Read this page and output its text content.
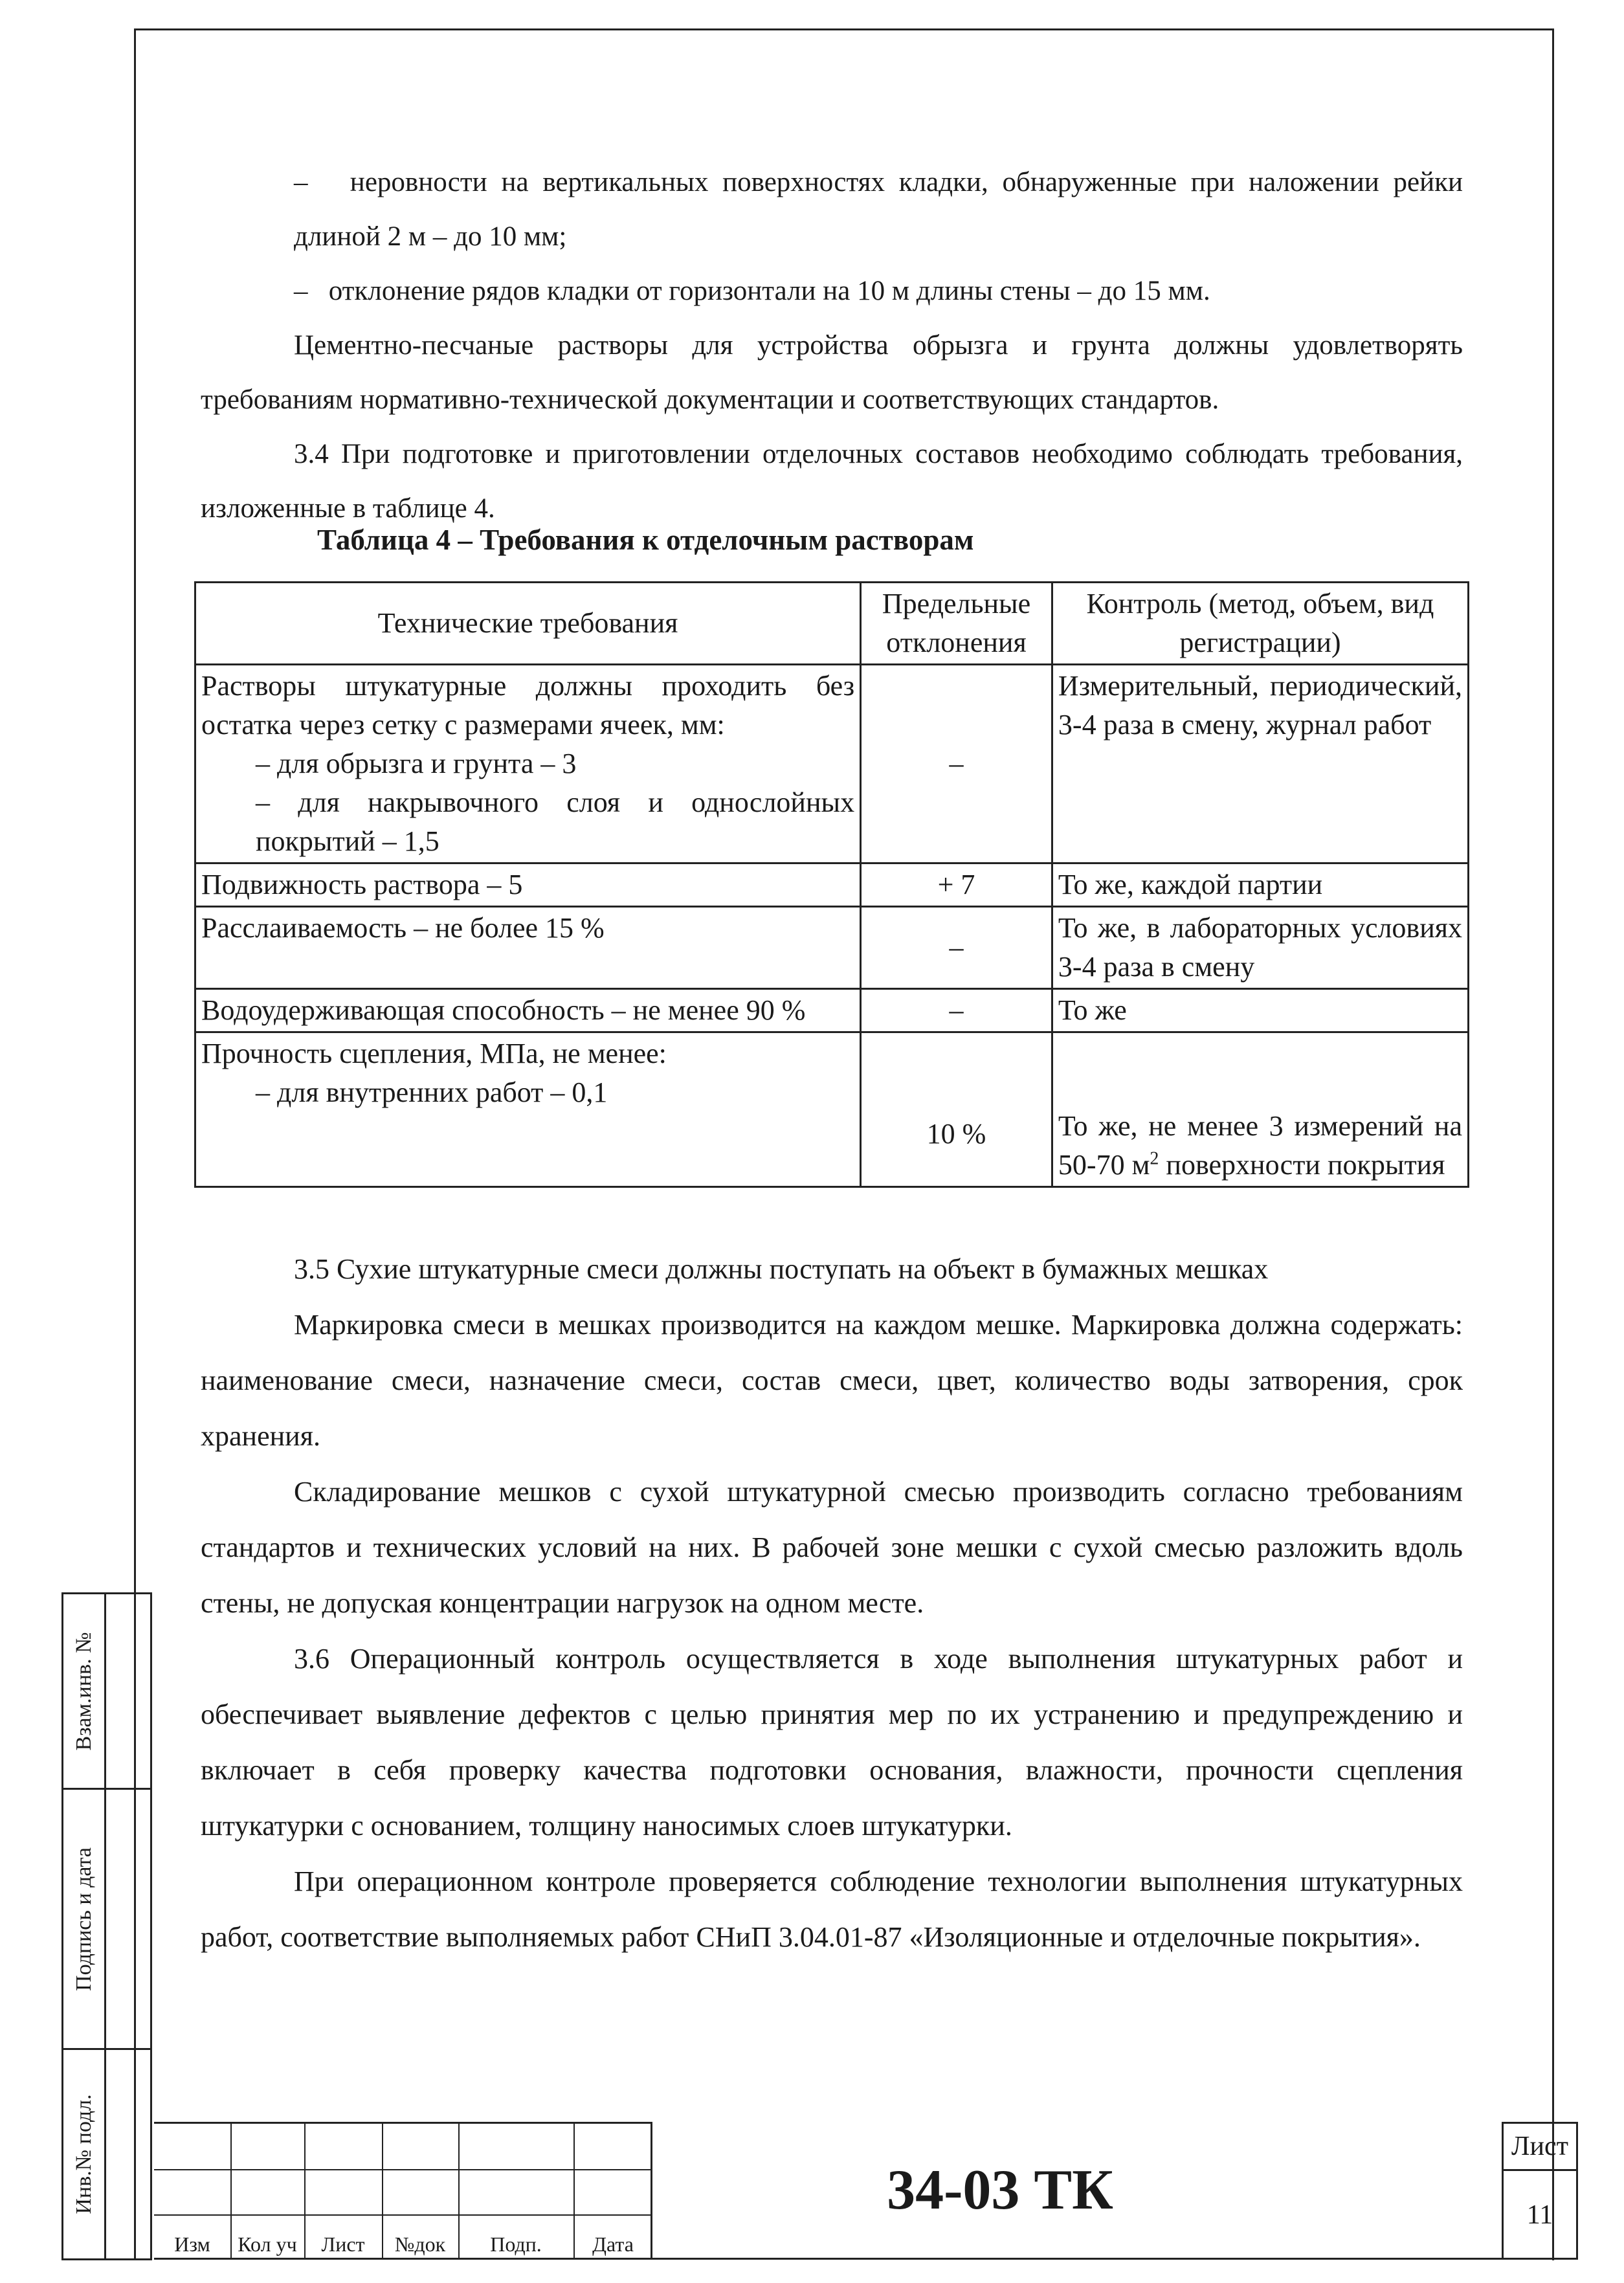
–   неровности на вертикальных поверхностях кладки, обнаруженные при наложении рейки длиной 2 м – до 10 мм;

–   отклонение рядов кладки от горизонтали на 10 м длины стены – до 15 мм.

Цементно-песчаные растворы для устройства обрызга и грунта должны удовлетворять требованиям нормативно-технической документации и соответствующих стандартов.

3.4 При подготовке и приготовлении отделочных составов необходимо соблюдать требования, изложенные в таблице 4.

Таблица 4 – Требования к отделочным растворам
Технические требования	Предельные отклонения	Контроль (метод, объем, вид регистрации)

Растворы штукатурные должны проходить без остатка через сетку с размерами ячеек, мм:
– для обрызга и грунта – 3
– для накрывочного слоя и однослойных покрытий – 1,5	–	Измерительный, периодический, 3-4 раза в смену, журнал работ
Подвижность раствора – 5	+ 7	То же, каждой партии
Расслаиваемость – не более 15 %	–	То же, в лабораторных условиях 3-4 раза в смену
Водоудерживающая способность – не менее 90 %	–	То же

Прочность сцепления, МПа, не менее:
– для внутренних работ – 0,1	10 %	То же, не менее 3 измерений на 50-70 $м^2$ поверхности покрытия

3.5 Сухие штукатурные смеси должны поступать на объект в бумажных мешках

Маркировка смеси в мешках производится на каждом мешке. Маркировка должна содержать: наименование смеси, назначение смеси, состав смеси, цвет, количество воды затворения, срок хранения.

Складирование мешков с сухой штукатурной смесью производить согласно требованиям стандартов и технических условий на них. В рабочей зоне мешки с сухой смесью разложить вдоль стены, не допуская концентрации нагрузок на одном месте.

3.6 Операционный контроль осуществляется в ходе выполнения штукатурных работ и обеспечивает выявление дефектов с целью принятия мер по их устранению и предупреждению и включает в себя проверку качества подготовки основания, влажности, прочности сцепления штукатурки с основанием, толщину наносимых слоев штукатурки.

При операционном контроле проверяется соблюдение технологии выполнения штукатурных работ, соответствие выполняемых работ СНиП 3.04.01-87 «Изоляционные и отделочные покрытия».

Взам.инв. №
Подпись и дата
Инв.№ подл.
Изм	Кол уч	Лист	№док	Подп.	Дата
34-03 ТК
Лист
11
